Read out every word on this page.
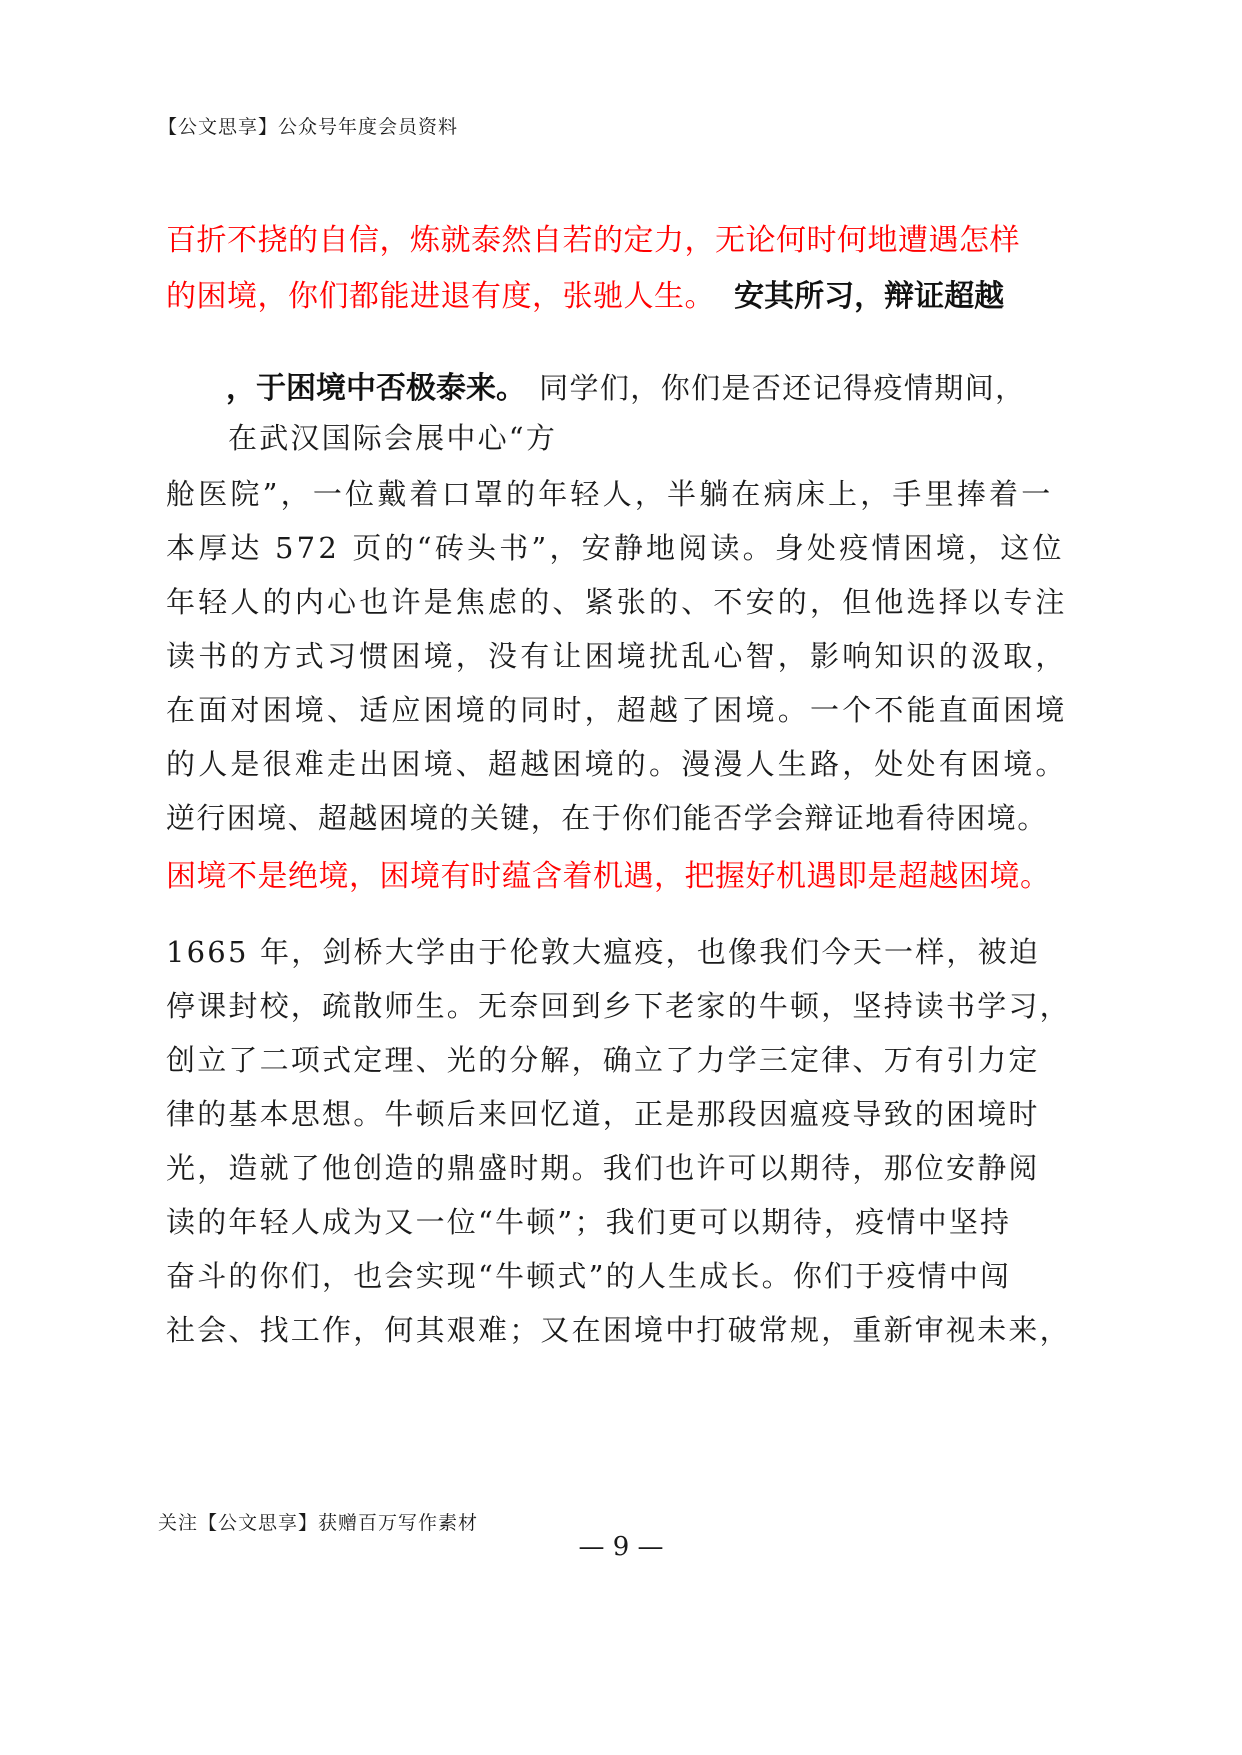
【公文思享】公众号年度会员资料
百折不挠的自信，炼就泰然自若的定力，无论何时何地遭遇怎样
的困境，你们都能进退有度，张驰人生。 安其所习，辩证超越
，于困境中否极泰来。 同学们，你们是否还记得疫情期间，
在武汉国际会展中心“方
舱医院”，一位戴着口罩的年轻人，半躺在病床上，手里捧着一
本厚达 572 页的“砖头书”，安静地阅读。身处疫情困境，这位
年轻人的内心也许是焦虑的、紧张的、不安的，但他选择以专注
读书的方式习惯困境，没有让困境扰乱心智，影响知识的汲取，
在面对困境、适应困境的同时，超越了困境。一个不能直面困境
的人是很难走出困境、超越困境的。漫漫人生路，处处有困境。
逆行困境、超越困境的关键，在于你们能否学会辩证地看待困境。
困境不是绝境，困境有时蕴含着机遇，把握好机遇即是超越困境。
1665 年，剑桥大学由于伦敦大瘟疫，也像我们今天一样，被迫
停课封校，疏散师生。无奈回到乡下老家的牛顿，坚持读书学习，
创立了二项式定理、光的分解，确立了力学三定律、万有引力定
律的基本思想。牛顿后来回忆道，正是那段因瘟疫导致的困境时
光，造就了他创造的鼎盛时期。我们也许可以期待，那位安静阅
读的年轻人成为又一位“牛顿”；我们更可以期待，疫情中坚持
奋斗的你们，也会实现“牛顿式”的人生成长。你们于疫情中闯
社会、找工作，何其艰难；又在困境中打破常规，重新审视未来，
关注【公文思享】获赠百万写作素材
— 9 —
